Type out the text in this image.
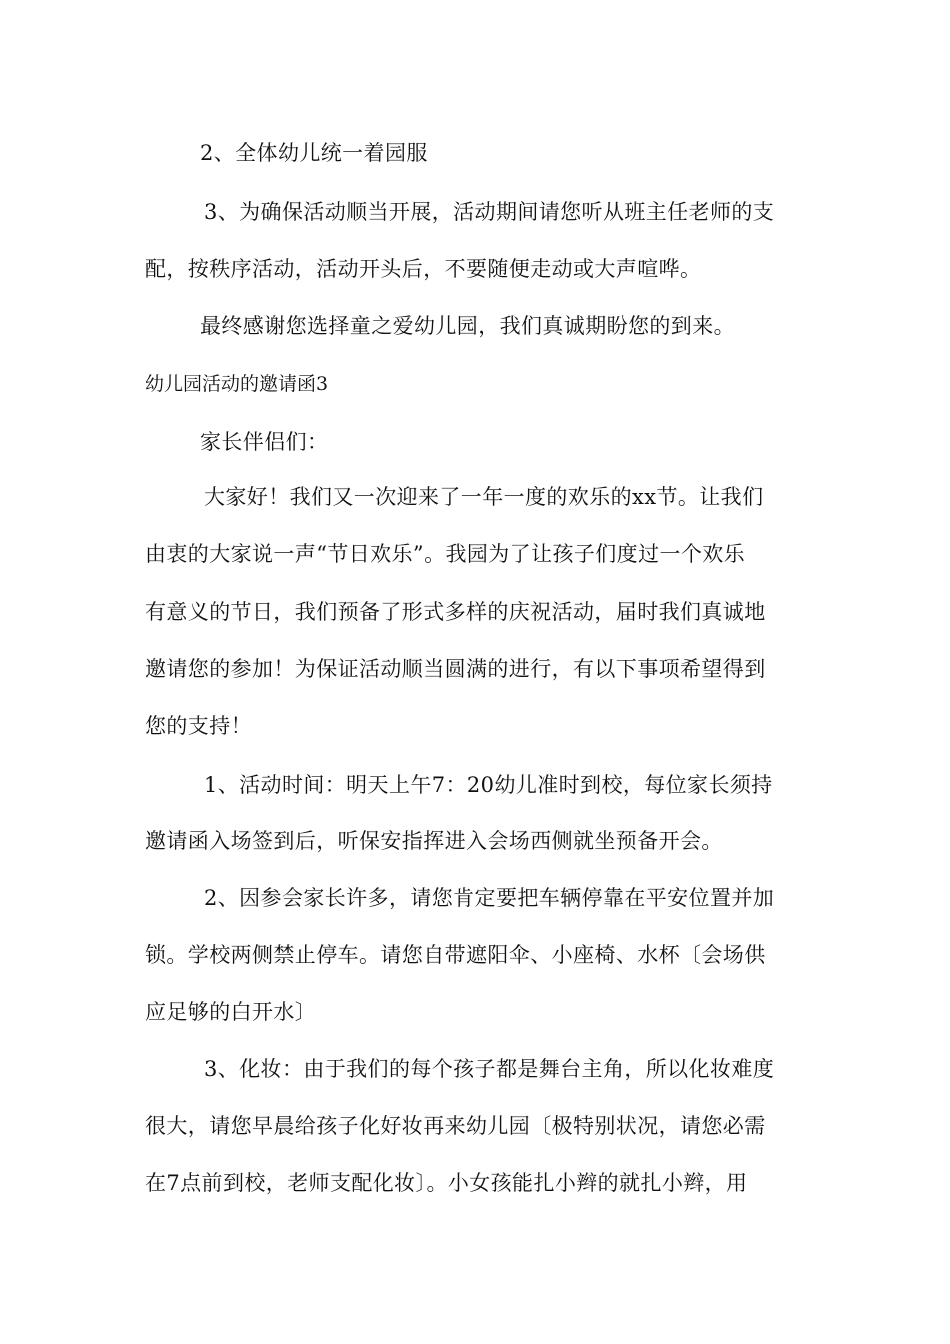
2、全体幼儿统一着园服

3、为确保活动顺当开展，活动期间请您听从班主任老师的支

配，按秩序活动，活动开头后，不要随便走动或大声喧哗。

最终感谢您选择童之爱幼儿园，我们真诚期盼您的到来。

幼儿园活动的邀请函3

家长伴侣们：

大家好！我们又一次迎来了一年一度的欢乐的xx节。让我们

由衷的大家说一声“节日欢乐”。我园为了让孩子们度过一个欢乐

有意义的节日，我们预备了形式多样的庆祝活动，届时我们真诚地

邀请您的参加！为保证活动顺当圆满的进行，有以下事项希望得到

您的支持！

1、活动时间：明天上午7：20幼儿准时到校，每位家长须持

邀请函入场签到后，听保安指挥进入会场西侧就坐预备开会。

2、因参会家长许多，请您肯定要把车辆停靠在平安位置并加

锁。学校两侧禁止停车。请您自带遮阳伞、小座椅、水杯〔会场供

应足够的白开水〕

3、化妆：由于我们的每个孩子都是舞台主角，所以化妆难度

很大，请您早晨给孩子化好妆再来幼儿园〔极特别状况，请您必需

在7点前到校，老师支配化妆〕。小女孩能扎小辫的就扎小辫，用
